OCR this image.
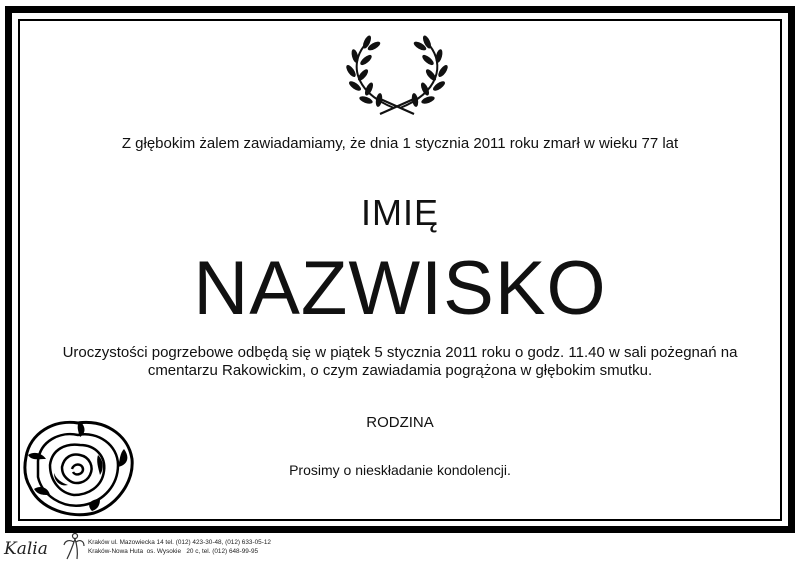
Z głębokim żalem zawiadamiamy, że dnia 1 stycznia 2011 roku zmarł w wieku 77 lat
IMIĘ
NAZWISKO
Uroczystości pogrzebowe odbędą się w piątek 5 stycznia 2011 roku o godz. 11.40 w sali pożegnań na cmentarzu Rakowickim, o czym zawiadamia pogrążona w głębokim smutku.
RODZINA
Prosimy o nieskładanie kondolencji.
Kalia	Kraków ul. Mazowiecka 14 tel. (012) 423-30-48, (012) 633-05-12
Kraków-Nowa Huta  os. Wysokie   20 c, tel. (012) 648-99-95
